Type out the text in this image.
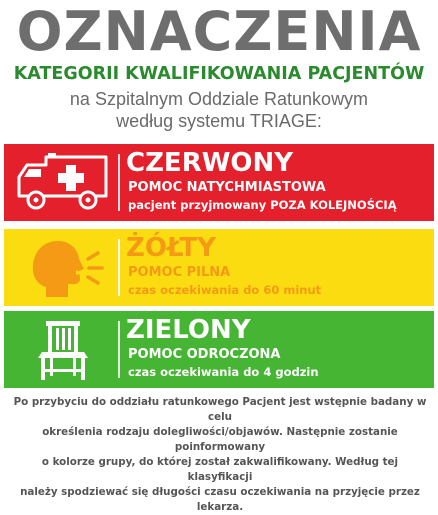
OZNACZENIA
KATEGORII KWALIFIKOWANIA PACJENTÓW
na Szpitalnym Oddziale Ratunkowym
według systemu TRIAGE:
CZERWONY
POMOC NATYCHMIASTOWA
pacjent przyjmowany POZA KOLEJNOŚCIĄ
ŻÓŁTY
POMOC PILNA
czas oczekiwania do 60 minut
ZIELONY
POMOC ODROCZONA
czas oczekiwania do 4 godzin
Po przybyciu do oddziału ratunkowego Pacjent jest wstępnie badany w celu
określenia rodzaju dolegliwości/objawów. Następnie zostanie poinformowany
o kolorze grupy, do której został zakwalifikowany. Według tej klasyfikacji
należy spodziewać się długości czasu oczekiwania na przyjęcie przez lekarza.
